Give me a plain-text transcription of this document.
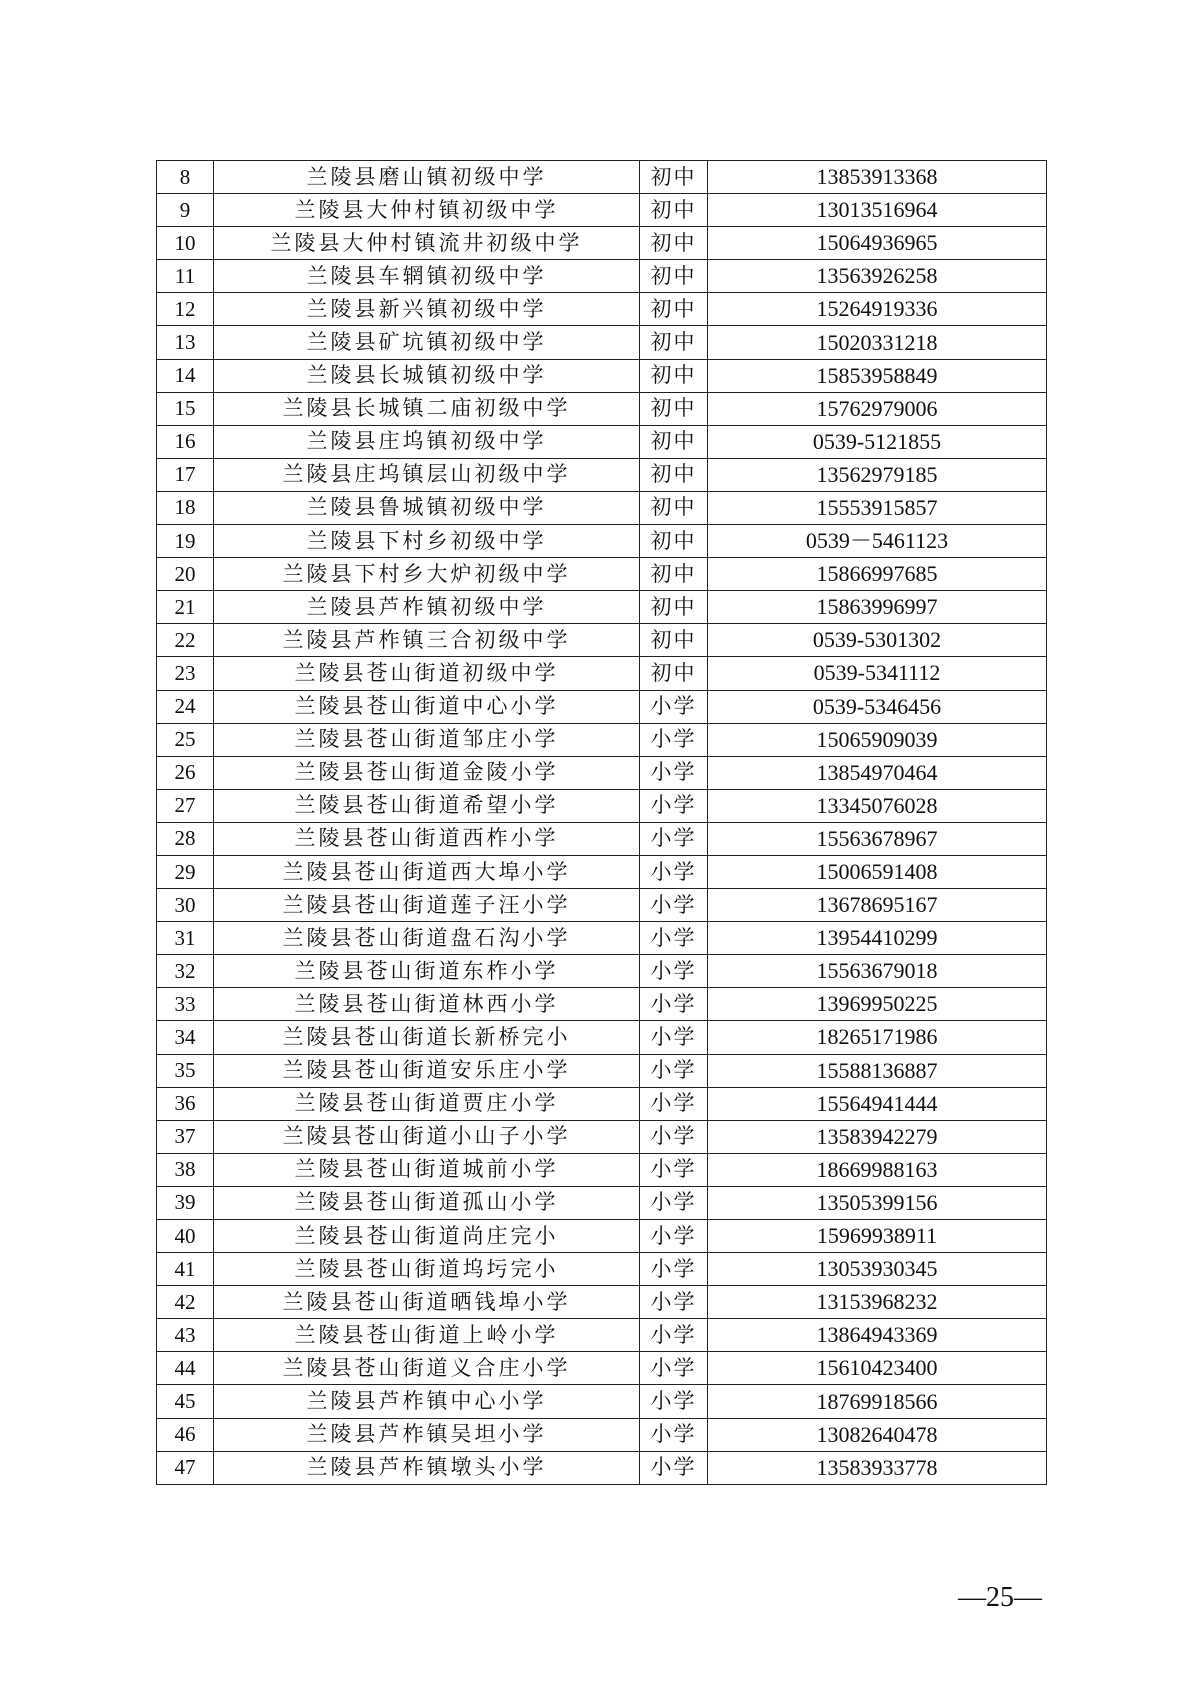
8	兰陵县磨山镇初级中学	初中	13853913368
9	兰陵县大仲村镇初级中学	初中	13013516964
10	兰陵县大仲村镇流井初级中学	初中	15064936965
11	兰陵县车辋镇初级中学	初中	13563926258
12	兰陵县新兴镇初级中学	初中	15264919336
13	兰陵县矿坑镇初级中学	初中	15020331218
14	兰陵县长城镇初级中学	初中	15853958849
15	兰陵县长城镇二庙初级中学	初中	15762979006
16	兰陵县庄坞镇初级中学	初中	0539-5121855
17	兰陵县庄坞镇层山初级中学	初中	13562979185
18	兰陵县鲁城镇初级中学	初中	15553915857
19	兰陵县下村乡初级中学	初中	0539－5461123
20	兰陵县下村乡大炉初级中学	初中	15866997685
21	兰陵县芦柞镇初级中学	初中	15863996997
22	兰陵县芦柞镇三合初级中学	初中	0539-5301302
23	兰陵县苍山街道初级中学	初中	0539-5341112
24	兰陵县苍山街道中心小学	小学	0539-5346456
25	兰陵县苍山街道邹庄小学	小学	15065909039
26	兰陵县苍山街道金陵小学	小学	13854970464
27	兰陵县苍山街道希望小学	小学	13345076028
28	兰陵县苍山街道西柞小学	小学	15563678967
29	兰陵县苍山街道西大埠小学	小学	15006591408
30	兰陵县苍山街道莲子汪小学	小学	13678695167
31	兰陵县苍山街道盘石沟小学	小学	13954410299
32	兰陵县苍山街道东柞小学	小学	15563679018
33	兰陵县苍山街道林西小学	小学	13969950225
34	兰陵县苍山街道长新桥完小	小学	18265171986
35	兰陵县苍山街道安乐庄小学	小学	15588136887
36	兰陵县苍山街道贾庄小学	小学	15564941444
37	兰陵县苍山街道小山子小学	小学	13583942279
38	兰陵县苍山街道城前小学	小学	18669988163
39	兰陵县苍山街道孤山小学	小学	13505399156
40	兰陵县苍山街道尚庄完小	小学	15969938911
41	兰陵县苍山街道坞圬完小	小学	13053930345
42	兰陵县苍山街道晒钱埠小学	小学	13153968232
43	兰陵县苍山街道上岭小学	小学	13864943369
44	兰陵县苍山街道义合庄小学	小学	15610423400
45	兰陵县芦柞镇中心小学	小学	18769918566
46	兰陵县芦柞镇吴坦小学	小学	13082640478
47	兰陵县芦柞镇墩头小学	小学	13583933778
—25—
